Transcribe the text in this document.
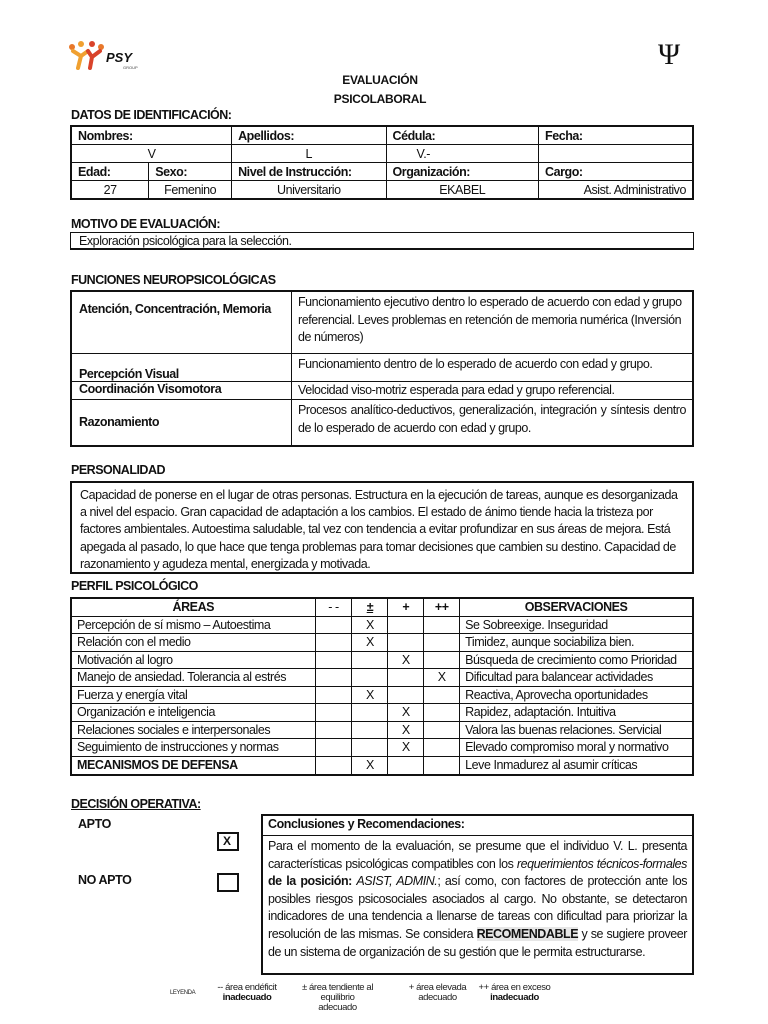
PSY
GROUP	Ψ
EVALUACIÓN
PSICOLABORAL
DATOS DE IDENTIFICACIÓN:
Nombres:		Apellidos:	Cédula:	Fecha:
V		L	V.-	
Edad:	Sexo:	Nivel de Instrucción:	Organización:	Cargo:
27	Femenino	Universitario	EKABEL	Asist. Administrativo
MOTIVO DE EVALUACIÓN:
Exploración psicológica para la selección.
FUNCIONES NEUROPSICOLÓGICAS
Atención, Concentración, Memoria	Funcionamiento ejecutivo dentro lo esperado de acuerdo con edad y grupo referencial. Leves problemas en retención de memoria numérica (Inversión de números)
Percepción Visual	Funcionamiento dentro de lo esperado de acuerdo con edad y grupo.
Coordinación Visomotora	Velocidad viso-motriz esperada para edad y grupo referencial.
Razonamiento	Procesos analítico-deductivos, generalización, integración y síntesis dentro de lo esperado de acuerdo con edad y grupo.
PERSONALIDAD
Capacidad de ponerse en el lugar de otras personas. Estructura en la ejecución de tareas, aunque es desorganizada a nivel del espacio. Gran capacidad de adaptación a los cambios. El estado de ánimo tiende hacia la tristeza por factores ambientales. Autoestima saludable, tal vez con tendencia a evitar profundizar en sus áreas de mejora. Está apegada al pasado, lo que hace que tenga problemas para tomar decisiones que cambien su destino. Capacidad de razonamiento y agudeza mental, energizada y motivada.
PERFIL PSICOLÓGICO
ÁREAS	- -	±	+	++	OBSERVACIONES
Percepción de sí mismo – Autoestima		X			Se Sobreexige. Inseguridad
Relación con el medio		X			Timidez, aunque sociabiliza bien.
Motivación al logro			X		Búsqueda de crecimiento como Prioridad
Manejo de ansiedad. Tolerancia al estrés				X	Dificultad para balancear actividades
Fuerza y energía vital		X			Reactiva, Aprovecha oportunidades
Organización e inteligencia			X		Rapidez, adaptación. Intuitiva
Relaciones sociales e interpersonales			X		Valora las buenas relaciones. Servicial
Seguimiento de instrucciones y normas			X		Elevado compromiso moral y normativo
MECANISMOS DE DEFENSA		X			Leve Inmadurez al asumir críticas
DECISIÓN OPERATIVA:
APTO
X
NO APTO
Conclusiones y Recomendaciones:
Para el momento de la evaluación, se presume que el individuo V. L. presenta características psicológicas compatibles con los requerimientos técnicos-formales de la posición: ASIST, ADMIN.; así como, con factores de protección ante los posibles riesgos psicosociales asociados al cargo. No obstante, se detectaron indicadores de una tendencia a llenarse de tareas con dificultad para priorizar la resolución de las mismas. Se considera RECOMENDABLE y se sugiere proveer de un sistema de organización de su gestión que le permita estructurarse.
LEYENDA	-- área endéficit
inadecuado
± área tendiente al equilibrio
adecuado
+ área elevada
adecuado
++ área en exceso
inadecuado
